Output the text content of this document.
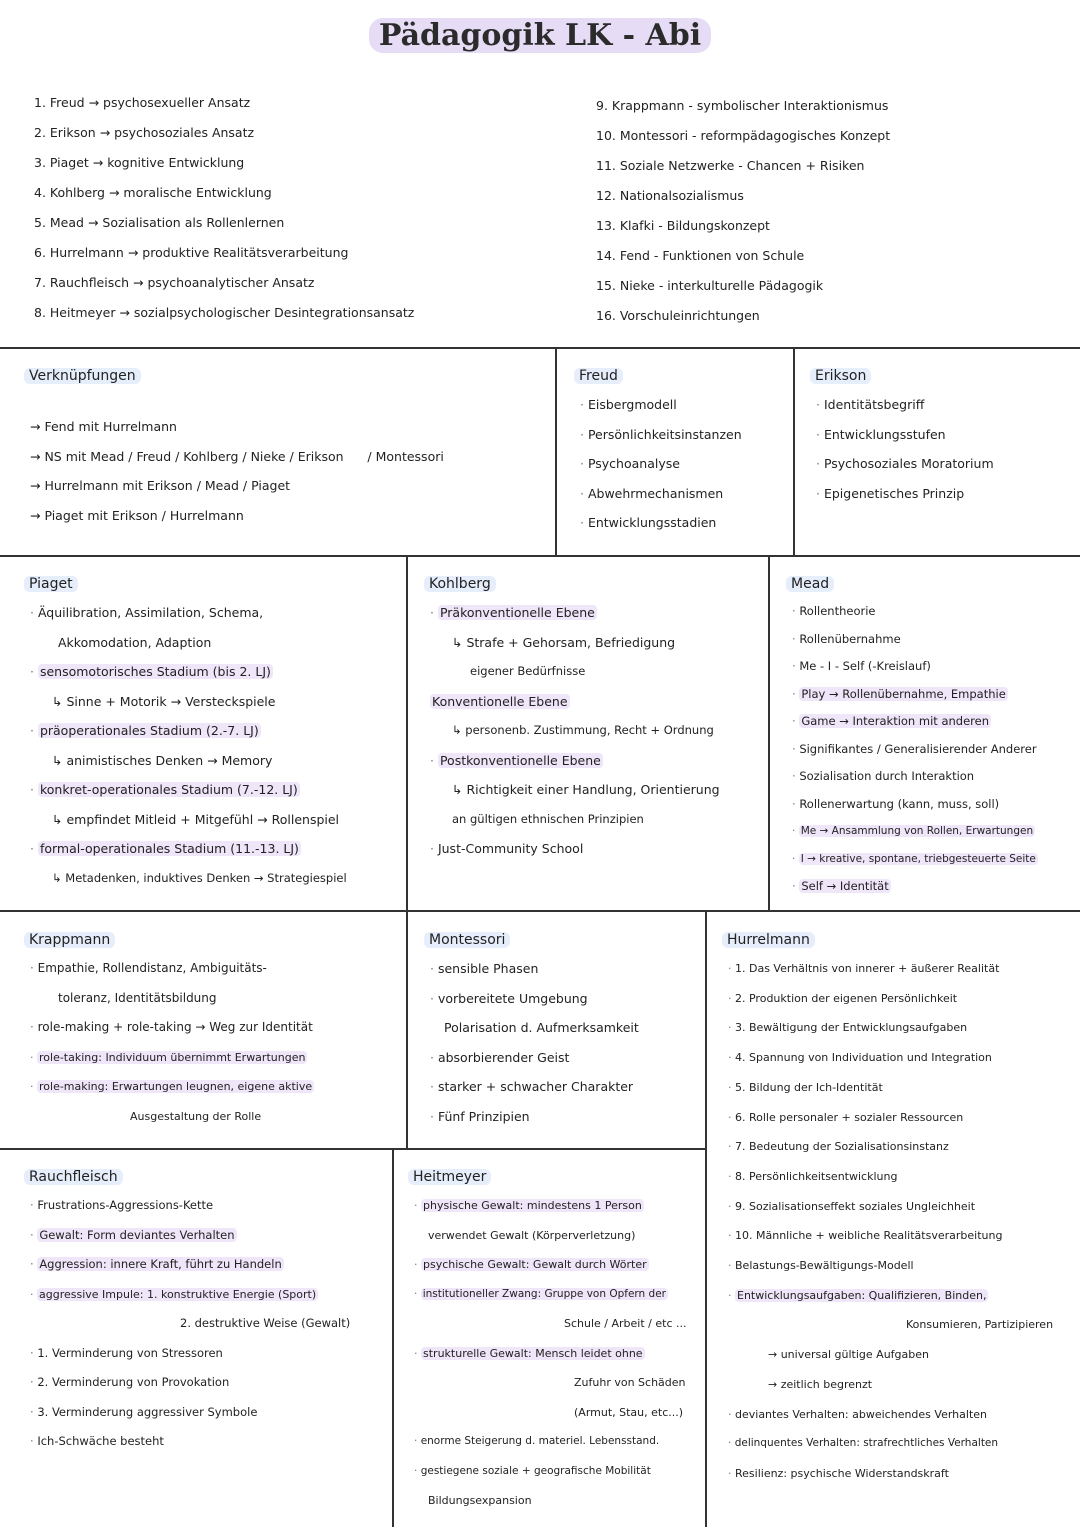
Pädagogik LK - Abi
1. Freud → psychosexueller Ansatz
2. Erikson → psychosoziales Ansatz
3. Piaget → kognitive Entwicklung
4. Kohlberg → moralische Entwicklung
5. Mead → Sozialisation als Rollenlernen
6. Hurrelmann → produktive Realitätsverarbeitung
7. Rauchfleisch → psychoanalytischer Ansatz
8. Heitmeyer → sozialpsychologischer Desintegrationsansatz
9. Krappmann - symbolischer Interaktionismus
10. Montessori - reformpädagogisches Konzept
11. Soziale Netzwerke - Chancen + Risiken
12. Nationalsozialismus
13. Klafki - Bildungskonzept
14. Fend - Funktionen von Schule
15. Nieke - interkulturelle Pädagogik
16. Vorschuleinrichtungen
Verknüpfungen
→ Fend mit Hurrelmann
→ NS mit Mead / Freud / Kohlberg / Nieke / Erikson / Montessori
→ Hurrelmann mit Erikson / Mead / Piaget
→ Piaget mit Erikson / Hurrelmann
Freud
· Eisbergmodell
· Persönlichkeitsinstanzen
· Psychoanalyse
· Abwehrmechanismen
· Entwicklungsstadien
Erikson
· Identitätsbegriff
· Entwicklungsstufen
· Psychosoziales Moratorium
· Epigenetisches Prinzip
Piaget
· Äquilibration, Assimilation, Schema,
Akkomodation, Adaption
· sensomotorisches Stadium (bis 2. LJ)
↳ Sinne + Motorik → Versteckspiele
· präoperationales Stadium (2.-7. LJ)
↳ animistisches Denken → Memory
· konkret-operationales Stadium (7.-12. LJ)
↳ empfindet Mitleid + Mitgefühl → Rollenspiel
· formal-operationales Stadium (11.-13. LJ)
↳ Metadenken, induktives Denken → Strategiespiel
Kohlberg
· Präkonventionelle Ebene
↳ Strafe + Gehorsam, Befriedigung
eigener Bedürfnisse
Konventionelle Ebene
↳ personenb. Zustimmung, Recht + Ordnung
· Postkonventionelle Ebene
↳ Richtigkeit einer Handlung, Orientierung
an gültigen ethnischen Prinzipien
· Just-Community School
Mead
· Rollentheorie
· Rollenübernahme
· Me - I - Self (-Kreislauf)
· Play → Rollenübernahme, Empathie
· Game → Interaktion mit anderen
· Signifikantes / Generalisierender Anderer
· Sozialisation durch Interaktion
· Rollenerwartung (kann, muss, soll)
· Me → Ansammlung von Rollen, Erwartungen
· I → kreative, spontane, triebgesteuerte Seite
· Self → Identität
Krappmann
· Empathie, Rollendistanz, Ambiguitäts-
toleranz, Identitätsbildung
· role-making + role-taking → Weg zur Identität
· role-taking: Individuum übernimmt Erwartungen
· role-making: Erwartungen leugnen, eigene aktive
Ausgestaltung der Rolle
Montessori
· sensible Phasen
· vorbereitete Umgebung
Polarisation d. Aufmerksamkeit
· absorbierender Geist
· starker + schwacher Charakter
· Fünf Prinzipien
Hurrelmann
· 1. Das Verhältnis von innerer + äußerer Realität
· 2. Produktion der eigenen Persönlichkeit
· 3. Bewältigung der Entwicklungsaufgaben
· 4. Spannung von Individuation und Integration
· 5. Bildung der Ich-Identität
· 6. Rolle personaler + sozialer Ressourcen
· 7. Bedeutung der Sozialisationsinstanz
· 8. Persönlichkeitsentwicklung
· 9. Sozialisationseffekt soziales Ungleichheit
· 10. Männliche + weibliche Realitätsverarbeitung
· Belastungs-Bewältigungs-Modell
· Entwicklungsaufgaben: Qualifizieren, Binden,
Konsumieren, Partizipieren
→ universal gültige Aufgaben
→ zeitlich begrenzt
· deviantes Verhalten: abweichendes Verhalten
· delinquentes Verhalten: strafrechtliches Verhalten
· Resilienz: psychische Widerstandskraft
Rauchfleisch
· Frustrations-Aggressions-Kette
· Gewalt: Form deviantes Verhalten
· Aggression: innere Kraft, führt zu Handeln
· aggressive Impule: 1. konstruktive Energie (Sport)
2. destruktive Weise (Gewalt)
· 1. Verminderung von Stressoren
· 2. Verminderung von Provokation
· 3. Verminderung aggressiver Symbole
· Ich-Schwäche besteht
Heitmeyer
· physische Gewalt: mindestens 1 Person
verwendet Gewalt (Körperverletzung)
· psychische Gewalt: Gewalt durch Wörter
· institutioneller Zwang: Gruppe von Opfern der
Schule / Arbeit / etc ...
· strukturelle Gewalt: Mensch leidet ohne
Zufuhr von Schäden
(Armut, Stau, etc...)
· enorme Steigerung d. materiel. Lebensstand.
· gestiegene soziale + geografische Mobilität
Bildungsexpansion
